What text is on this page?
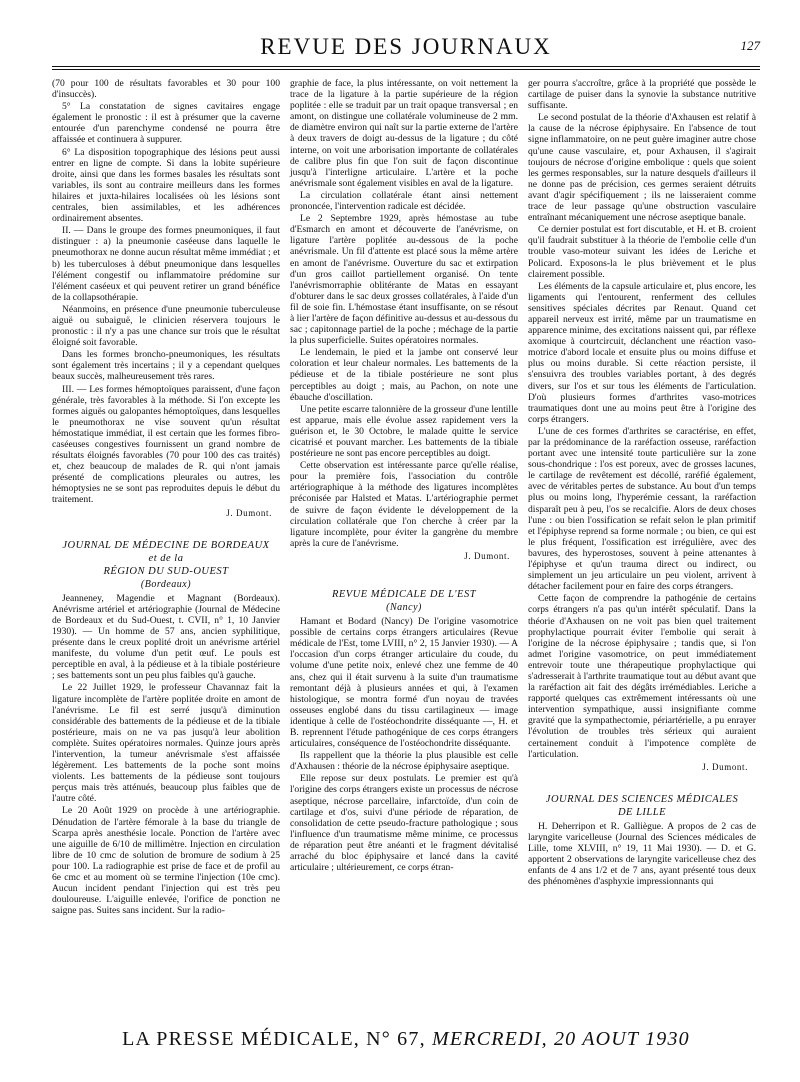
REVUE DES JOURNAUX	127

(70 pour 100 de résultats favorables et 30 pour 100 d'insuccès).

5° La constatation de signes cavitaires engage également le pronostic : il est à présumer que la caverne entourée d'un parenchyme condensé ne pourra être affaissée et continuera à suppurer.

6° La disposition topographique des lésions peut aussi entrer en ligne de compte. Si dans la lobite supérieure droite, ainsi que dans les formes basales les résultats sont variables, ils sont au contraire meilleurs dans les formes hilaires et juxta-hilaires localisées où les lésions sont centrales, bien assimilables, et les adhérences ordinairement absentes.

II. — Dans le groupe des formes pneumoniques, il faut distinguer : a) la pneumonie caséeuse dans laquelle le pneumothorax ne donne aucun résultat même immédiat ; et b) les tuberculoses à début pneumonique dans lesquelles l'élément congestif ou inflammatoire prédomine sur l'élément caséeux et qui peuvent retirer un grand bénéfice de la collapsothérapie.

Néanmoins, en présence d'une pneumonie tuberculeuse aiguë ou subaiguë, le clinicien réservera toujours le pronostic : il n'y a pas une chance sur trois que le résultat éloigné soit favorable.

Dans les formes broncho-pneumoniques, les résultats sont également très incertains ; il y a cependant quelques beaux succès, malheureusement très rares.

III. — Les formes hémoptoïques paraissent, d'une façon générale, très favorables à la méthode. Si l'on excepte les formes aiguës ou galopantes hémoptoïques, dans lesquelles le pneumothorax ne vise souvent qu'un résultat hémostatique immédiat, il est certain que les formes fibro-caséeuses congestives fournissent un grand nombre de résultats éloignés favorables (70 pour 100 des cas traités) et, chez beaucoup de malades de R. qui n'ont jamais présenté de complications pleurales ou autres, les hémoptysies ne se sont pas reproduites depuis le début du traitement.

J. Dumont.
JOURNAL DE MÉDECINE DE BORDEAUX
et de la
RÉGION DU SUD-OUEST
(Bordeaux)

Jeanneney, Magendie et Magnant (Bordeaux). Anévrisme artériel et artériographie (Journal de Médecine de Bordeaux et du Sud-Ouest, t. CVII, n° 1, 10 Janvier 1930). — Un homme de 57 ans, ancien syphilitique, présente dans le creux poplité droit un anévrisme artériel manifeste, du volume d'un petit œuf. Le pouls est perceptible en aval, à la pédieuse et à la tibiale postérieure ; ses battements sont un peu plus faibles qu'à gauche.

Le 22 Juillet 1929, le professeur Chavannaz fait la ligature incomplète de l'artère poplitée droite en amont de l'anévrisme. Le fil est serré jusqu'à diminution considérable des battements de la pédieuse et de la tibiale postérieure, mais on ne va pas jusqu'à leur abolition complète. Suites opératoires normales. Quinze jours après l'intervention, la tumeur anévrismale s'est affaissée légèrement. Les battements de la poche sont moins violents. Les battements de la pédieuse sont toujours perçus mais très atténués, beaucoup plus faibles que de l'autre côté.

Le 20 Août 1929 on procède à une artériographie. Dénudation de l'artère fémorale à la base du triangle de Scarpa après anesthésie locale. Ponction de l'artère avec une aiguille de 6/10 de millimètre. Injection en circulation libre de 10 cmc de solution de bromure de sodium à 25 pour 100. La radiographie est prise de face et de profil au 6e cmc et au moment où se termine l'injection (10e cmc). Aucun incident pendant l'injection qui est très peu douloureuse. L'aiguille enlevée, l'orifice de ponction ne saigne pas. Suites sans incident. Sur la radio-

graphie de face, la plus intéressante, on voit nettement la trace de la ligature à la partie supérieure de la région poplitée : elle se traduit par un trait opaque transversal ; en amont, on distingue une collatérale volumineuse de 2 mm. de diamètre environ qui naît sur la partie externe de l'artère à deux travers de doigt au-dessus de la ligature ; du côté interne, on voit une arborisation importante de collatérales de calibre plus fin que l'on suit de façon discontinue jusqu'à l'interligne articulaire. L'artère et la poche anévrismale sont également visibles en aval de la ligature.

La circulation collatérale étant ainsi nettement prononcée, l'intervention radicale est décidée.

Le 2 Septembre 1929, après hémostase au tube d'Esmarch en amont et découverte de l'anévrisme, on ligature l'artère poplitée au-dessous de la poche anévrismale. Un fil d'attente est placé sous la même artère en amont de l'anévrisme. Ouverture du sac et extirpation d'un gros caillot partiellement organisé. On tente l'anévrismorraphie oblitérante de Matas en essayant d'obturer dans le sac deux grosses collatérales, à l'aide d'un fil de soie fin. L'hémostase étant insuffisante, on se résout à lier l'artère de façon définitive au-dessus et au-dessous du sac ; capitonnage partiel de la poche ; méchage de la partie la plus superficielle. Suites opératoires normales.

Le lendemain, le pied et la jambe ont conservé leur coloration et leur chaleur normales. Les battements de la pédieuse et de la tibiale postérieure ne sont plus perceptibles au doigt ; mais, au Pachon, on note une ébauche d'oscillation.

Une petite escarre talonnière de la grosseur d'une lentille est apparue, mais elle évolue assez rapidement vers la guérison et, le 30 Octobre, le malade quitte le service cicatrisé et pouvant marcher. Les battements de la tibiale postérieure ne sont pas encore perceptibles au doigt.

Cette observation est intéressante parce qu'elle réalise, pour la première fois, l'association du contrôle artériographique à la méthode des ligatures incomplètes préconisée par Halsted et Matas. L'artériographie permet de suivre de façon évidente le développement de la circulation collatérale que l'on cherche à créer par la ligature incomplète, pour éviter la gangrène du membre après la cure de l'anévrisme.

J. Dumont.
REVUE MÉDICALE DE L'EST
(Nancy)

Hamant et Bodard (Nancy) De l'origine vasomotrice possible de certains corps étrangers articulaires (Revue médicale de l'Est, tome LVIII, n° 2, 15 Janvier 1930). — A l'occasion d'un corps étranger articulaire du coude, du volume d'une petite noix, enlevé chez une femme de 40 ans, chez qui il était survenu à la suite d'un traumatisme remontant déjà à plusieurs années et qui, à l'examen histologique, se montra formé d'un noyau de travées osseuses englobé dans du tissu cartilagineux — image identique à celle de l'ostéochondrite disséquante —, H. et B. reprennent l'étude pathogénique de ces corps étrangers articulaires, conséquence de l'ostéochondrite disséquante.

Ils rappellent que la théorie la plus plausible est celle d'Axhausen : théorie de la nécrose épiphysaire aseptique.

Elle repose sur deux postulats. Le premier est qu'à l'origine des corps étrangers existe un processus de nécrose aseptique, nécrose parcellaire, infarctoïde, d'un coin de cartilage et d'os, suivi d'une période de réparation, de consolidation de cette pseudo-fracture pathologique ; sous l'influence d'un traumatisme même minime, ce processus de réparation peut être anéanti et le fragment dévitalisé arraché du bloc épiphysaire et lancé dans la cavité articulaire ; ultérieurement, ce corps étran-

ger pourra s'accroître, grâce à la propriété que possède le cartilage de puiser dans la synovie la substance nutritive suffisante.

Le second postulat de la théorie d'Axhausen est relatif à la cause de la nécrose épiphysaire. En l'absence de tout signe inflammatoire, on ne peut guère imaginer autre chose qu'une cause vasculaire, et, pour Axhausen, il s'agirait toujours de nécrose d'origine embolique : quels que soient les germes responsables, sur la nature desquels d'ailleurs il ne donne pas de précision, ces germes seraient détruits avant d'agir spécifiquement ; ils ne laisseraient comme trace de leur passage qu'une obstruction vasculaire entraînant mécaniquement une nécrose aseptique banale.

Ce dernier postulat est fort discutable, et H. et B. croient qu'il faudrait substituer à la théorie de l'embolie celle d'un trouble vaso-moteur suivant les idées de Leriche et Policard. Exposons-la le plus brièvement et le plus clairement possible.

Les éléments de la capsule articulaire et, plus encore, les ligaments qui l'entourent, renferment des cellules sensitives spéciales décrites par Renaut. Quand cet appareil nerveux est irrité, même par un traumatisme en apparence minime, des excitations naissent qui, par réflexe axomique à courtcircuit, déclanchent une réaction vaso-motrice d'abord locale et ensuite plus ou moins diffuse et plus ou moins durable. Si cette réaction persiste, il s'ensuivra des troubles variables portant, à des degrés divers, sur l'os et sur tous les éléments de l'articulation. D'où plusieurs formes d'arthrites vaso-motrices traumatiques dont une au moins peut être à l'origine des corps étrangers.

L'une de ces formes d'arthrites se caractérise, en effet, par la prédominance de la raréfaction osseuse, raréfaction portant avec une intensité toute particulière sur la zone sous-chondrique : l'os est poreux, avec de grosses lacunes, le cartilage de revêtement est décollé, raréfié également, avec de véritables pertes de substance. Au bout d'un temps plus ou moins long, l'hyperémie cessant, la raréfaction disparaît peu à peu, l'os se recalcifie. Alors de deux choses l'une : ou bien l'ossification se refait selon le plan primitif et l'épiphyse reprend sa forme normale ; ou bien, ce qui est le plus fréquent, l'ossification est irrégulière, avec des bavures, des hyperostoses, souvent à peine attenantes à l'épiphyse et qu'un trauma direct ou indirect, ou simplement un jeu articulaire un peu violent, arrivent à détacher facilement pour en faire des corps étrangers.

Cette façon de comprendre la pathogénie de certains corps étrangers n'a pas qu'un intérêt spéculatif. Dans la théorie d'Axhausen on ne voit pas bien quel traitement prophylactique pourrait éviter l'embolie qui serait à l'origine de la nécrose épiphysaire ; tandis que, si l'on admet l'origine vasomotrice, on peut immédiatement entrevoir toute une thérapeutique prophylactique qui s'adresserait à l'arthrite traumatique tout au début avant que la raréfaction ait fait des dégâts irrémédiables. Leriche a rapporté quelques cas extrêmement intéressants où une intervention sympathique, aussi insignifiante comme gravité que la sympathectomie, périartérielle, a pu enrayer l'évolution de troubles très sérieux qui auraient certainement conduit à l'impotence complète de l'articulation.

J. Dumont.
JOURNAL DES SCIENCES MÉDICALES
DE LILLE

H. Deherripon et R. Galliègue. A propos de 2 cas de laryngite varicelleuse (Journal des Sciences médicales de Lille, tome XLVIII, n° 19, 11 Mai 1930). — D. et G. apportent 2 observations de laryngite varicelleuse chez des enfants de 4 ans 1/2 et de 7 ans, ayant présenté tous deux des phénomènes d'asphyxie impressionnants qui

LA PRESSE MÉDICALE, N° 67, MERCREDI, 20 AOUT 1930
